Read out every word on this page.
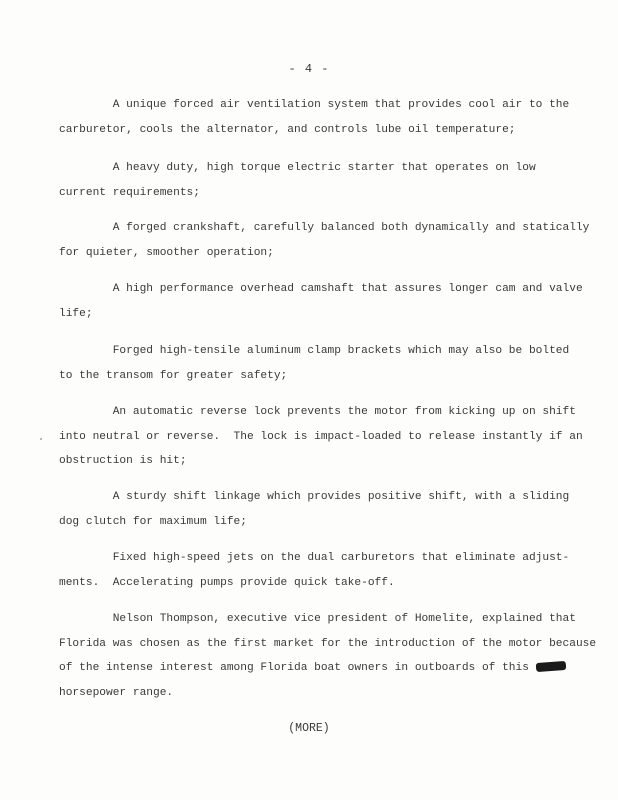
- 4 -
A unique forced air ventilation system that provides cool air to the
carburetor, cools the alternator, and controls lube oil temperature;
A heavy duty, high torque electric starter that operates on low
current requirements;
A forged crankshaft, carefully balanced both dynamically and statically
for quieter, smoother operation;
A high performance overhead camshaft that assures longer cam and valve
life;
Forged high-tensile aluminum clamp brackets which may also be bolted
to the transom for greater safety;
An automatic reverse lock prevents the motor from kicking up on shift
into neutral or reverse.  The lock is impact-loaded to release instantly if an
obstruction is hit;
A sturdy shift linkage which provides positive shift, with a sliding
dog clutch for maximum life;
Fixed high-speed jets on the dual carburetors that eliminate adjust-
ments.  Accelerating pumps provide quick take-off.
Nelson Thompson, executive vice president of Homelite, explained that
Florida was chosen as the first market for the introduction of the motor because
of the intense interest among Florida boat owners in outboards of this
horsepower range.
(MORE)
